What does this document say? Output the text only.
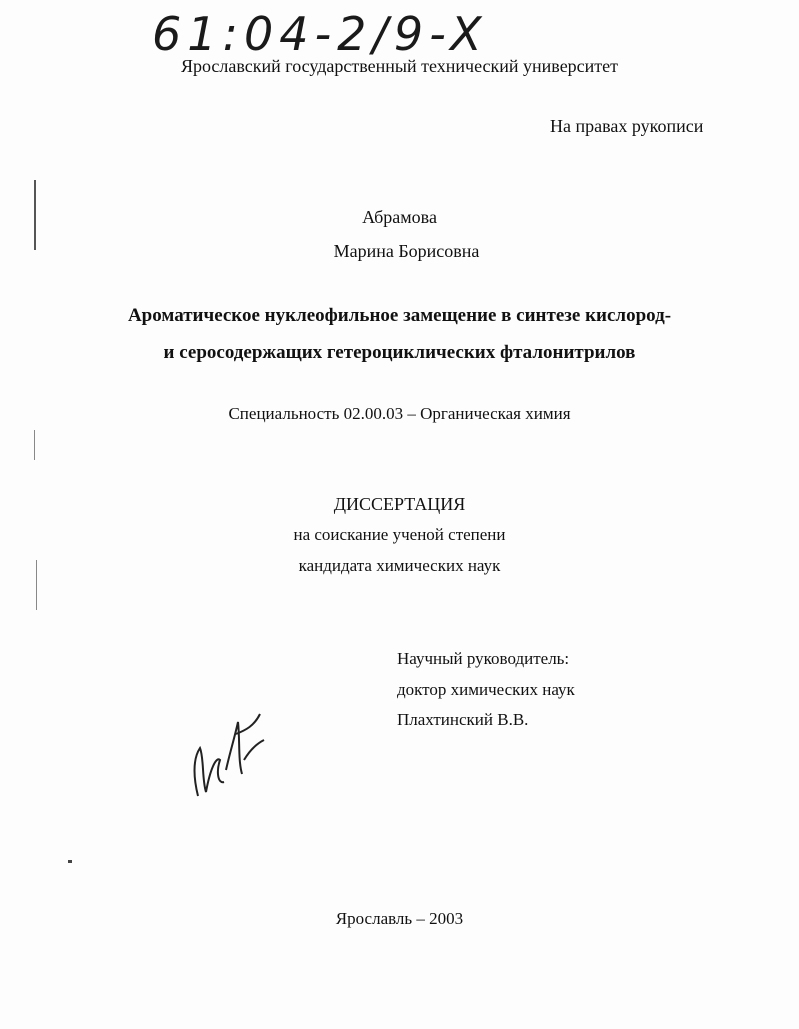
61:04-2/9-X
Ярославский государственный технический университет
На правах рукописи
Абрамова
Марина Борисовна
Ароматическое нуклеофильное замещение в синтезе кислород-
и серосодержащих гетероциклических фталонитрилов
Специальность 02.00.03 – Органическая химия
ДИССЕРТАЦИЯ
на соискание ученой степени
кандидата химических наук
Научный руководитель:
доктор химических наук
Плахтинский В.В.
Ярославль – 2003
